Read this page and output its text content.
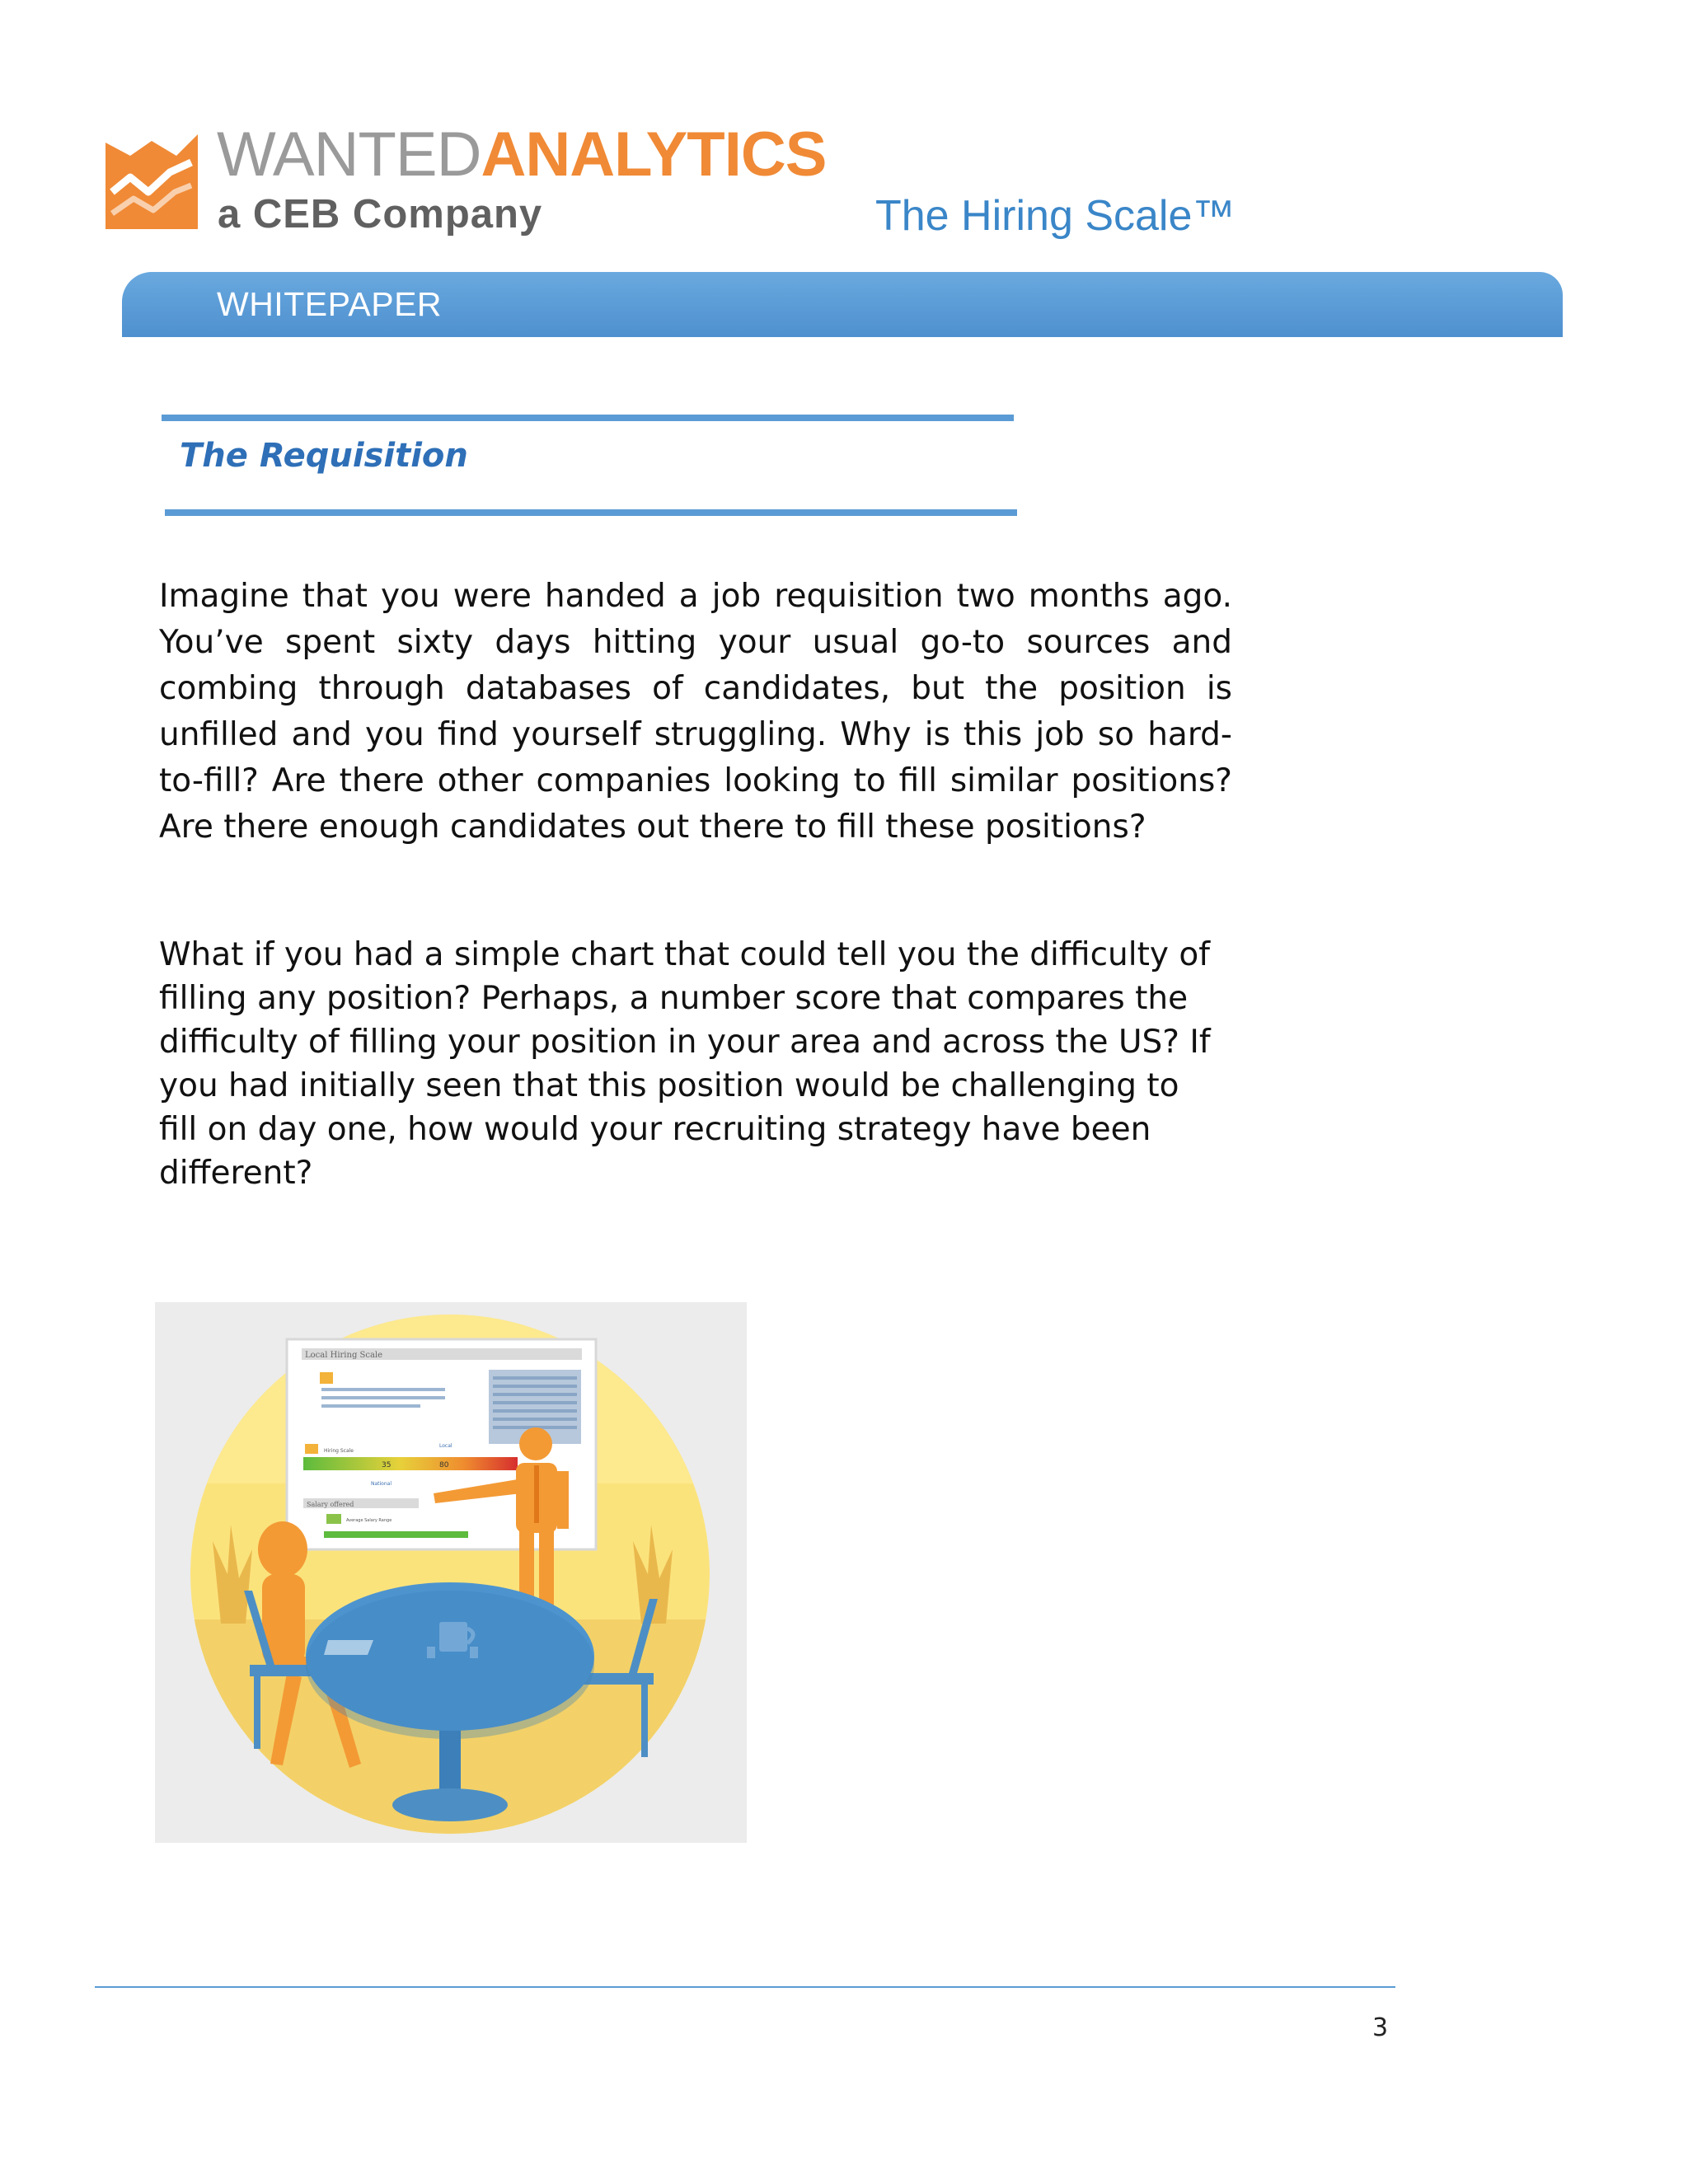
WANTEDANALYTICS
a CEB Company	The Hiring Scale™
WHITEPAPER
The Requisition
Imagine that you were handed a job requisition two months ago. You’ve spent sixty days hitting your usual go-to sources and combing through databases of candidates, but the position is unfilled and you find yourself struggling. Why is this job so hard-to-fill? Are there other companies looking to fill similar positions? Are there enough candidates out there to fill these positions?
What if you had a simple chart that could tell you the difficulty of filling any position? Perhaps, a number score that compares the difficulty of filling your position in your area and across the US? If you had initially seen that this position would be challenging to fill on day one, how would your recruiting strategy have been different?
Local Hiring Scale
Hiring Scale
Local
35	80
National
Salary offered
Average Salary Range
3
